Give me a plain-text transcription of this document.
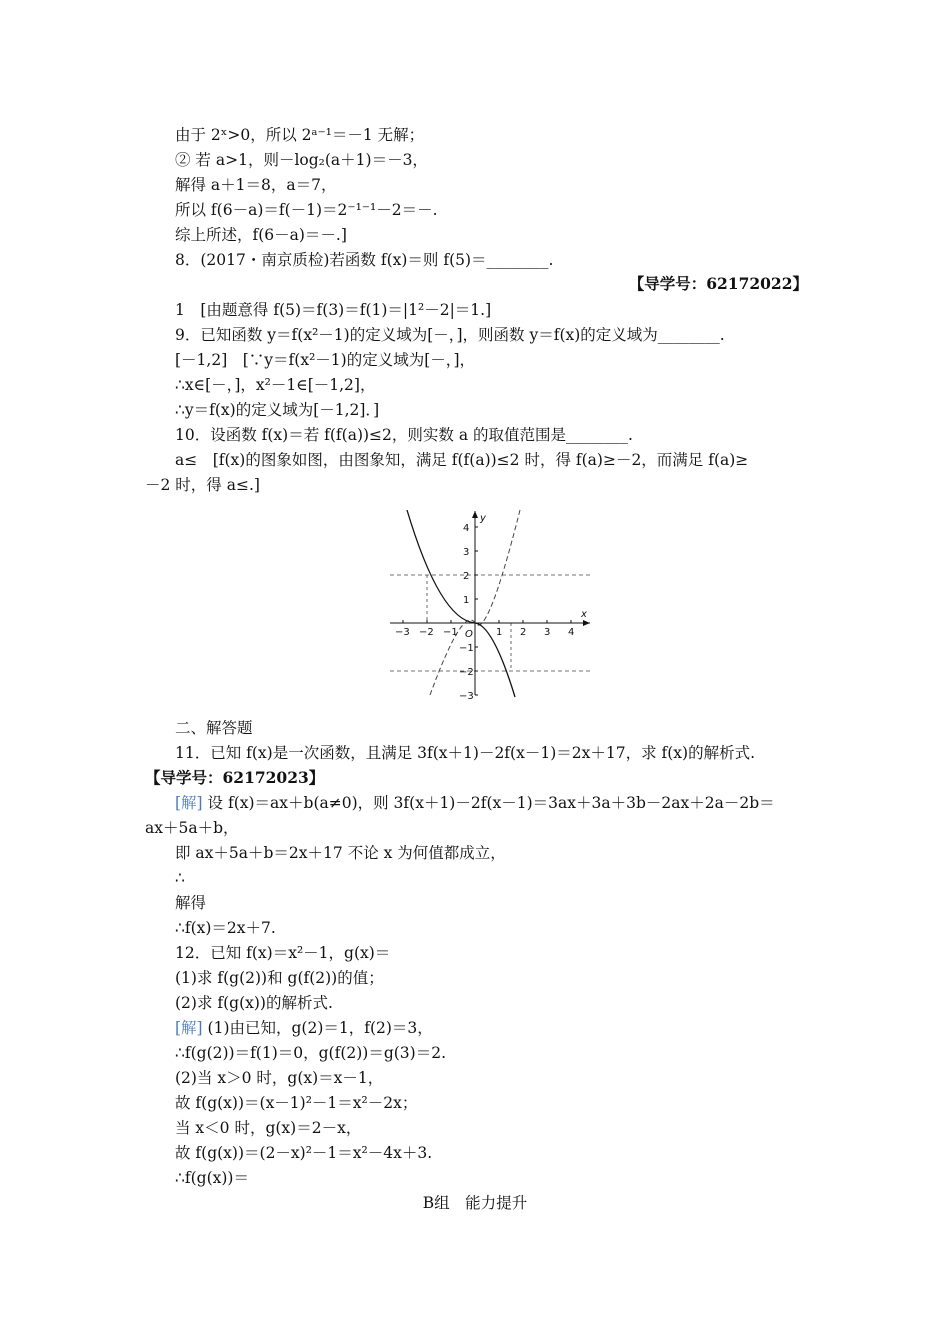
由于 2ˣ>0，所以 2ᵃ⁻¹＝－1 无解；
② 若 a>1，则－log₂(a＋1)＝－3，
解得 a＋1＝8，a＝7，
所以 f(6－a)＝f(－1)＝2⁻¹⁻¹－2＝－.
综上所述，f(6－a)＝－.]
8．(2017・南京质检)若函数 f(x)＝则 f(5)＝________.
【导学号：62172022】
1　[由题意得 f(5)＝f(3)＝f(1)＝|1²－2|＝1.]
9．已知函数 y＝f(x²－1)的定义域为[－，]，则函数 y＝f(x)的定义域为________.
[－1,2]　[∵y＝f(x²－1)的定义域为[－，]，
∴x∈[－，]，x²－1∈[－1,2]，
∴y＝f(x)的定义域为[－1,2]．]
10．设函数 f(x)＝若 f(f(a))≤2，则实数 a 的取值范围是________.
a≤　[f(x)的图象如图，由图象知，满足 f(f(a))≤2 时，得 f(a)≥－2，而满足 f(a)≥
－2 时，得 a≤.]
x
y
O
−3 −2 −1	1 2 3 4
4
3
2
1
−1
−2
−3
二、解答题
11．已知 f(x)是一次函数，且满足 3f(x＋1)－2f(x－1)＝2x＋17，求 f(x)的解析式.
【导学号：62172023】
[解] 设 f(x)＝ax＋b(a≠0)，则 3f(x＋1)－2f(x－1)＝3ax＋3a＋3b－2ax＋2a－2b＝
ax＋5a＋b，
即 ax＋5a＋b＝2x＋17 不论 x 为何值都成立，
∴
解得
∴f(x)＝2x＋7.
12．已知 f(x)＝x²－1，g(x)＝
(1)求 f(g(2))和 g(f(2))的值；
(2)求 f(g(x))的解析式.
[解] (1)由已知，g(2)＝1，f(2)＝3，
∴f(g(2))＝f(1)＝0，g(f(2))＝g(3)＝2.
(2)当 x＞0 时，g(x)＝x－1，
故 f(g(x))＝(x－1)²－1＝x²－2x；
当 x＜0 时，g(x)＝2－x，
故 f(g(x))＝(2－x)²－1＝x²－4x＋3.
∴f(g(x))＝
B组　能力提升
